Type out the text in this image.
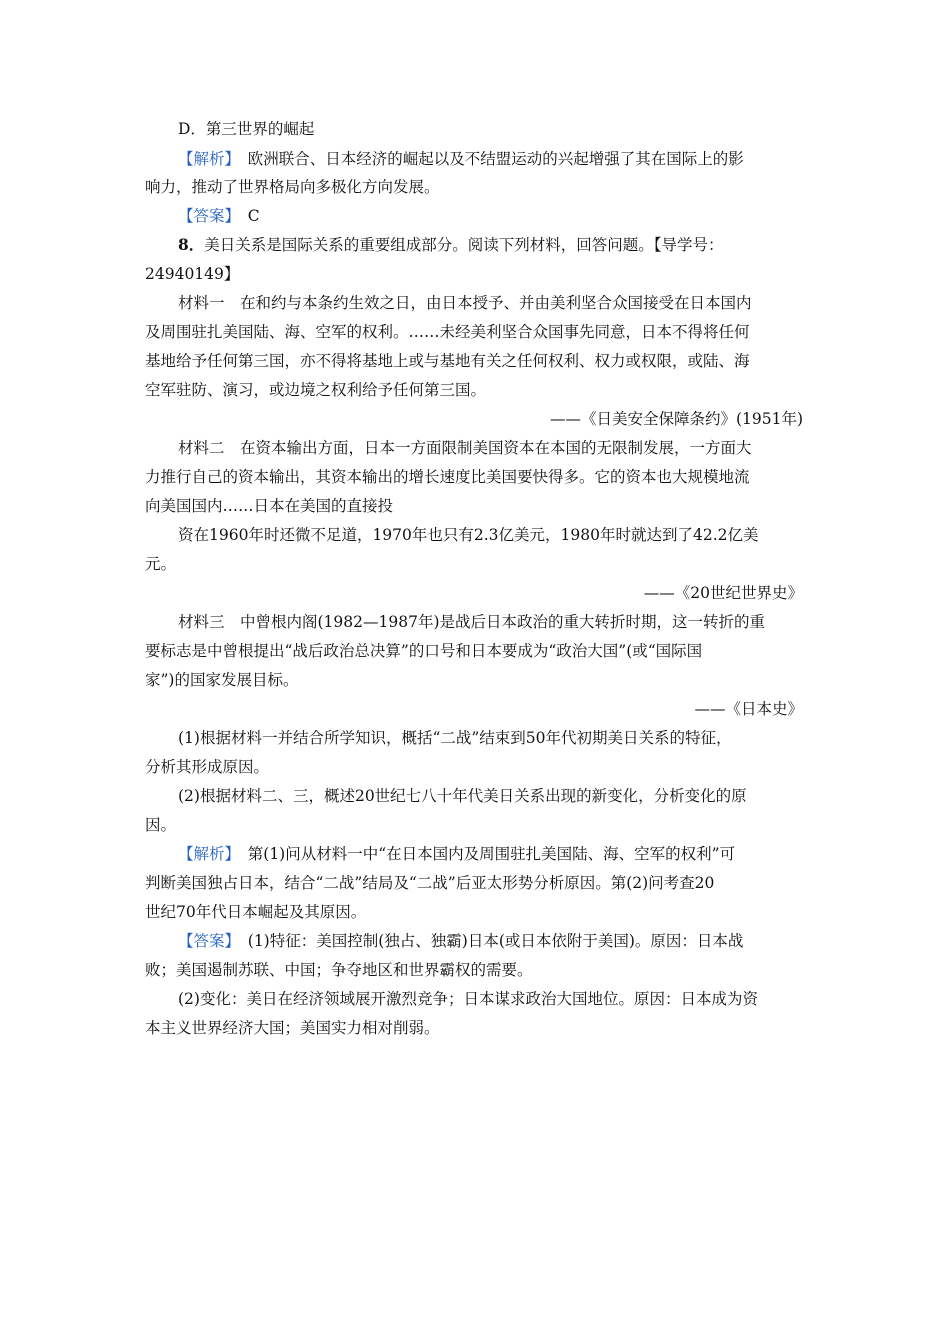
D．第三世界的崛起

【解析】　欧洲联合、日本经济的崛起以及不结盟运动的兴起增强了其在国际上的影

响力，推动了世界格局向多极化方向发展。

【答案】　C

8．美日关系是国际关系的重要组成部分。阅读下列材料，回答问题。【导学号：

24940149】

材料一　在和约与本条约生效之日，由日本授予、并由美利坚合众国接受在日本国内

及周围驻扎美国陆、海、空军的权利。……未经美利坚合众国事先同意，日本不得将任何

基地给予任何第三国，亦不得将基地上或与基地有关之任何权利、权力或权限，或陆、海

空军驻防、演习，或边境之权利给予任何第三国。

——《日美安全保障条约》(1951年)

材料二　在资本输出方面，日本一方面限制美国资本在本国的无限制发展，一方面大

力推行自己的资本输出，其资本输出的增长速度比美国要快得多。它的资本也大规模地流

向美国国内……日本在美国的直接投

资在1960年时还微不足道，1970年也只有2.3亿美元，1980年时就达到了42.2亿美

元。

——《20世纪世界史》

材料三　中曾根内阁(1982—1987年)是战后日本政治的重大转折时期，这一转折的重

要标志是中曾根提出“战后政治总决算”的口号和日本要成为“政治大国”(或“国际国

家”)的国家发展目标。

——《日本史》

(1)根据材料一并结合所学知识，概括“二战”结束到50年代初期美日关系的特征，

分析其形成原因。

(2)根据材料二、三，概述20世纪七八十年代美日关系出现的新变化，分析变化的原

因。

【解析】　第(1)问从材料一中“在日本国内及周围驻扎美国陆、海、空军的权利”可

判断美国独占日本，结合“二战”结局及“二战”后亚太形势分析原因。第(2)问考查20

世纪70年代日本崛起及其原因。

【答案】　(1)特征：美国控制(独占、独霸)日本(或日本依附于美国)。原因：日本战

败；美国遏制苏联、中国；争夺地区和世界霸权的需要。

(2)变化：美日在经济领域展开激烈竞争；日本谋求政治大国地位。原因：日本成为资

本主义世界经济大国；美国实力相对削弱。
